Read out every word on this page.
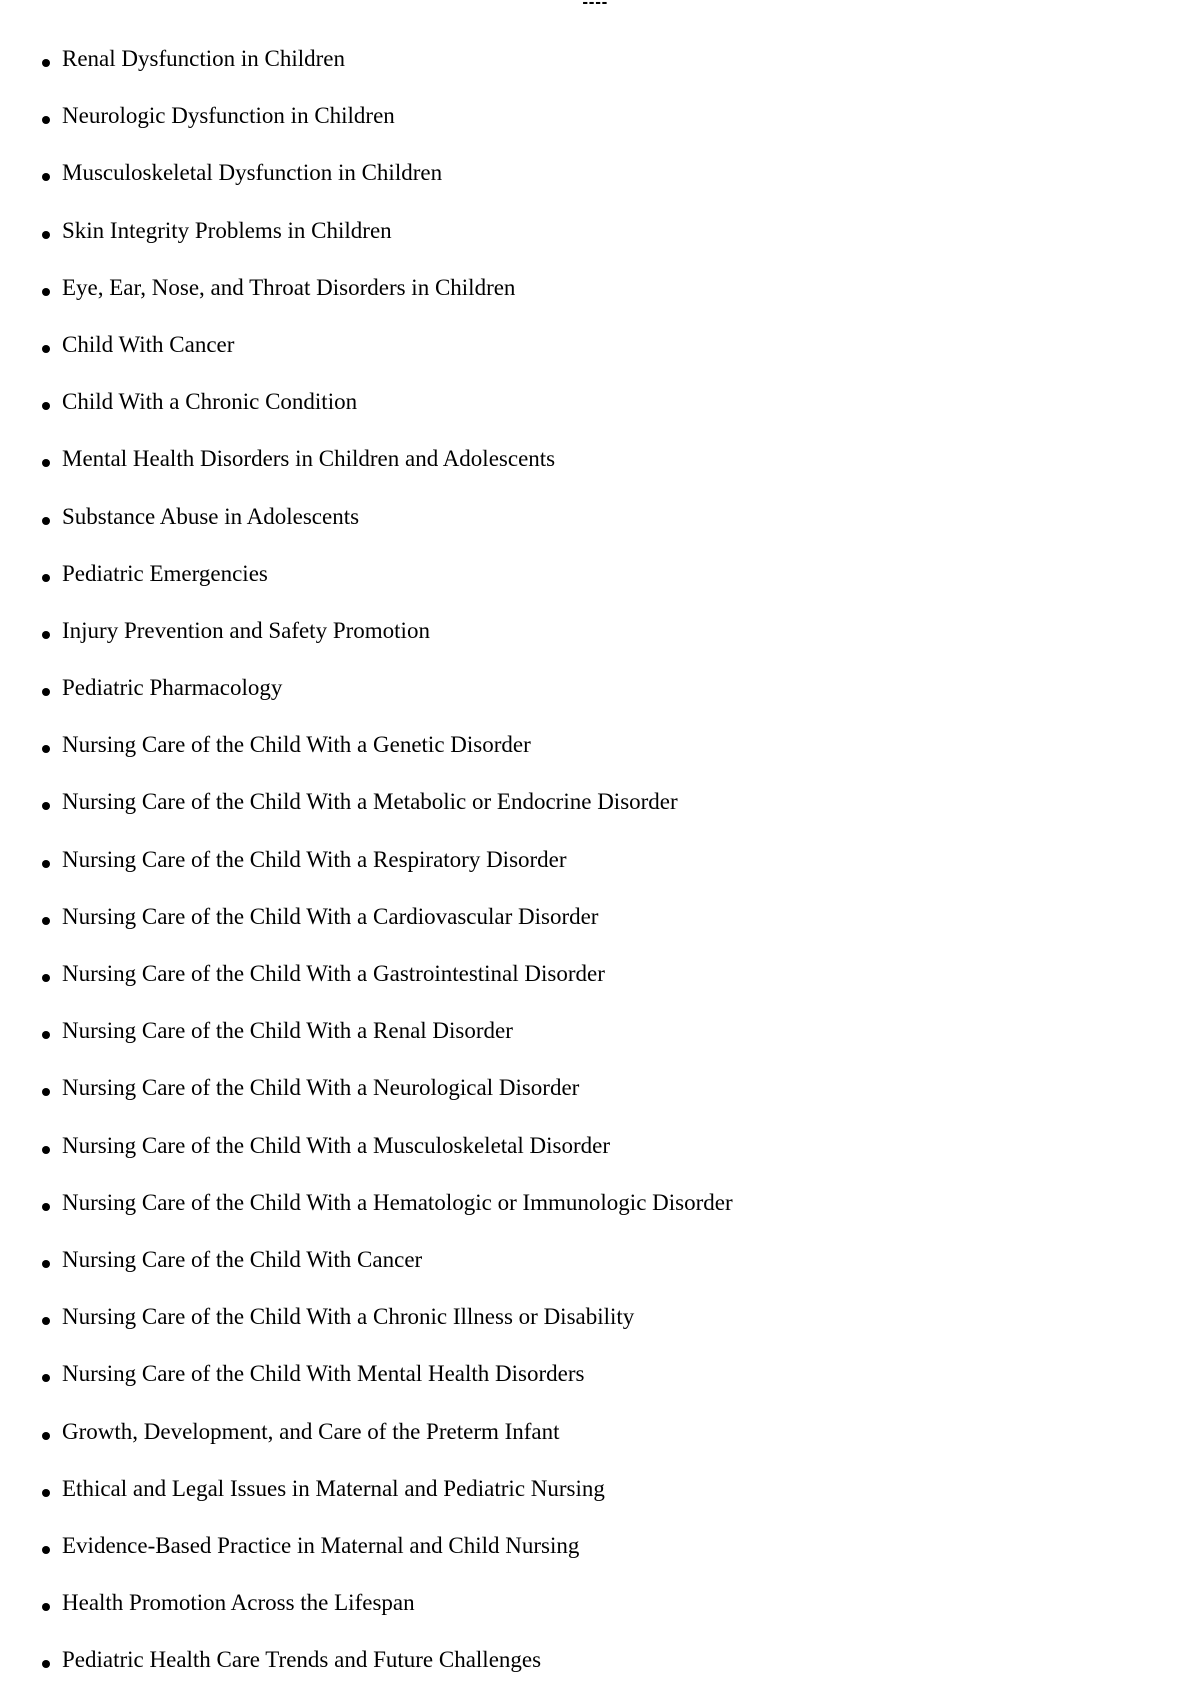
----
Renal Dysfunction in Children
Neurologic Dysfunction in Children
Musculoskeletal Dysfunction in Children
Skin Integrity Problems in Children
Eye, Ear, Nose, and Throat Disorders in Children
Child With Cancer
Child With a Chronic Condition
Mental Health Disorders in Children and Adolescents
Substance Abuse in Adolescents
Pediatric Emergencies
Injury Prevention and Safety Promotion
Pediatric Pharmacology
Nursing Care of the Child With a Genetic Disorder
Nursing Care of the Child With a Metabolic or Endocrine Disorder
Nursing Care of the Child With a Respiratory Disorder
Nursing Care of the Child With a Cardiovascular Disorder
Nursing Care of the Child With a Gastrointestinal Disorder
Nursing Care of the Child With a Renal Disorder
Nursing Care of the Child With a Neurological Disorder
Nursing Care of the Child With a Musculoskeletal Disorder
Nursing Care of the Child With a Hematologic or Immunologic Disorder
Nursing Care of the Child With Cancer
Nursing Care of the Child With a Chronic Illness or Disability
Nursing Care of the Child With Mental Health Disorders
Growth, Development, and Care of the Preterm Infant
Ethical and Legal Issues in Maternal and Pediatric Nursing
Evidence-Based Practice in Maternal and Child Nursing
Health Promotion Across the Lifespan
Pediatric Health Care Trends and Future Challenges
